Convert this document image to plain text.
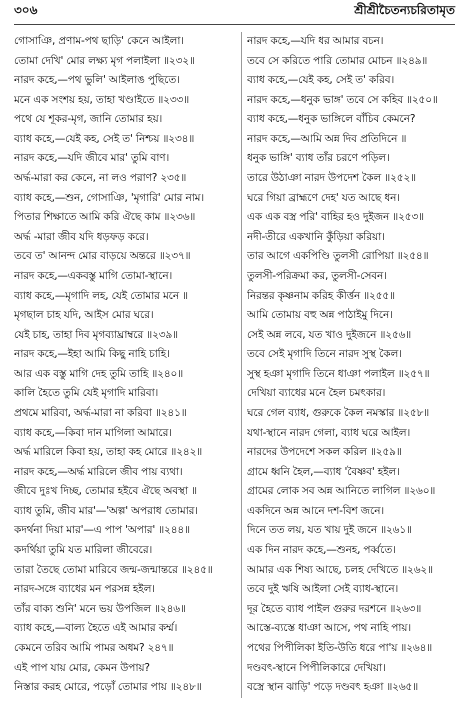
৩০৬	শ্রীশ্রীচৈতন্যচরিতামৃত
গোসাঞি, প্রণাম-পথ ছাড়ি' কেনে আইলা।
তোমা দেখি' মোর লক্ষ্য মৃগ পলাইলা ॥২৩২॥
নারদ কহে,—পথ ভুলি' আইলাঙ পুছিতে।
মনে এক সংশয় হয়, তাহা খণ্ডাইতে ॥২৩৩॥
পথে যে শূকর-মৃগ, জানি তোমার হয়।
ব্যাধ কহে,—যেই কহ, সেই ত' নিশ্চয় ॥২৩৪॥
নারদ কহে,—যদি জীবে মার' তুমি বাণ।
অর্দ্ধ-মারা কর কেনে, না লও পরাণ? ২৩৫॥
ব্যাধ কহে,—শুন, গোসাঞি, 'মৃগারি' মোর নাম।
পিতার শিক্ষাতে আমি করি ঐছে কাম ॥২৩৬॥
অর্দ্ধ -মারা জীব যদি ধড়ফড় করে।
তবে ত' আনন্দ মোর বাড়য়ে অন্তরে ॥২৩৭॥
নারদ কহে,—একবস্তু মাগি তোমা-স্থানে।
ব্যাধ কহে,—মৃগাদি লহ, যেই তোমার মনে ॥
মৃগছাল চাহ যদি, আইস মোর ঘরে।
যেই চাহ, তাহা দিব মৃগব্যাঘ্রাম্বরে ॥২৩৯॥
নারদ কহে,—ইহা আমি কিছু নাহি চাহি।
আর এক বস্তু মাগি দেহ তুমি তাহি ॥২৪০॥
কালি হৈতে তুমি যেই মৃগাদি মারিবা।
প্রথমে মারিবা, অর্দ্ধ-মারা না করিবা ॥২৪১॥
ব্যাধ কহে,—কিবা দান মাগিলা আমারে।
অর্দ্ধ মারিলে কিবা হয়, তাহা কহ মোরে ॥২৪২॥
নারদ কহে,—অর্দ্ধ মারিলে জীব পায় ব্যথা।
জীবে দুঃখ দিচ্ছ, তোমার হইবে ঐছে অবস্থা ॥
ব্যাধ তুমি, জীব মার'—'অল্প' অপরাধ তোমার।
কদর্থনা দিয়া মার'—এ পাপ 'অপার' ॥২৪৪॥
কদর্থিয়া তুমি যত মারিলা জীবেরে।
তারা তৈছে তোমা মারিবে জন্ম-জন্মান্তরে ॥২৪৫॥
নারদ-সঙ্গে ব্যাধের মন পরসন্ন হইল।
তাঁর বাক্য শুনি' মনে ভয় উপজিল ॥২৪৬॥
ব্যাধ কহে,—বাল্য হৈতে এই আমার কর্ম্ম।
কেমনে তরিব আমি পামর অধম? ২৪৭॥
এই পাপ যায় মোর, কেমন উপায়?
নিস্তার করহ মোরে, পড়োঁ তোমার পায় ॥২৪৮॥
নারদ কহে,—যদি ধর আমার বচন।
তবে সে করিতে পারি তোমার মোচন ॥২৪৯॥
ব্যাধ কহে,—যেই কহ, সেই ত' করিব।
নারদ কহে,—ধনুক ভাঙ্গ' তবে সে কহিব ॥২৫০॥
ব্যাধ কহে,—ধনুক ভাঙ্গিলে বাঁচিব কেমনে?
নারদ কহে,—আমি অন্ন দিব প্রতিদিনে ॥
ধনুক ভাঙ্গি' ব্যাধ তাঁর চরণে পড়িল।
তারে উঠাঞা নারদ উপদেশ কৈল ॥২৫২॥
ঘরে গিয়া ব্রাহ্মণে দেহ' যত আছে ধন।
এক এক বস্ত্র পরি' বাহির হও দুইজন ॥২৫৩॥
নদী-তীরে একখানি কুঁড়িয়া করিয়া।
তার আগে একপিণ্ডি তুলসী রোপিয়া ॥২৫৪॥
তুলসী-পরিক্রমা কর, তুলসী-সেবন।
নিরন্তর কৃষ্ণনাম করিহ কীর্ত্তন ॥২৫৫॥
আমি তোমায় বহু অন্ন পাঠাইমু দিনে।
সেই অন্ন লবে, যত খাও দুইজনে ॥২৫৬॥
তবে সেই মৃগাদি তিনে নারদ সুস্থ কৈল।
সুস্থ হঞা মৃগাদি তিনে ধাঞা পলাইল ॥২৫৭॥
দেখিয়া ব্যাধের মনে হৈল চমৎকার।
ঘরে গেল ব্যাধ, গুরুকে কৈল নমস্কার ॥২৫৮॥
যথা-স্থানে নারদ গেলা, ব্যাধ ঘরে আইল।
নারদের উপদেশে সকল করিল ॥২৫৯॥
গ্রামে ধ্বনি হৈল,—ব্যাধ 'বৈষ্ণব' হইল।
গ্রামের লোক সব অন্ন আনিতে লাগিল ॥২৬০॥
একদিনে অন্ন আনে দশ-বিশ জনে।
দিনে তত লয়, যত খায় দুই জনে ॥২৬১॥
এক দিন নারদ কহে,—শুনহ, পর্ব্বতে।
আমার এক শিষ্য আছে, চলহ দেখিতে ॥২৬২॥
তবে দুই ঋষি আইলা সেই ব্যাধ-স্থানে।
দূর হৈতে ব্যাধ পাইল গুরুর দরশনে ॥২৬৩॥
আস্তে-ব্যস্তে ধাঞা আসে, পথ নাহি পায়।
পথের পিপীলিকা ইতি-উতি ধরে পা'য় ॥২৬৪॥
দণ্ডবৎ-স্থানে পিপীলিকারে দেখিয়া।
বস্ত্রে স্থান ঝাড়ি' পড়ে দণ্ডবৎ হঞা ॥২৬৫॥
